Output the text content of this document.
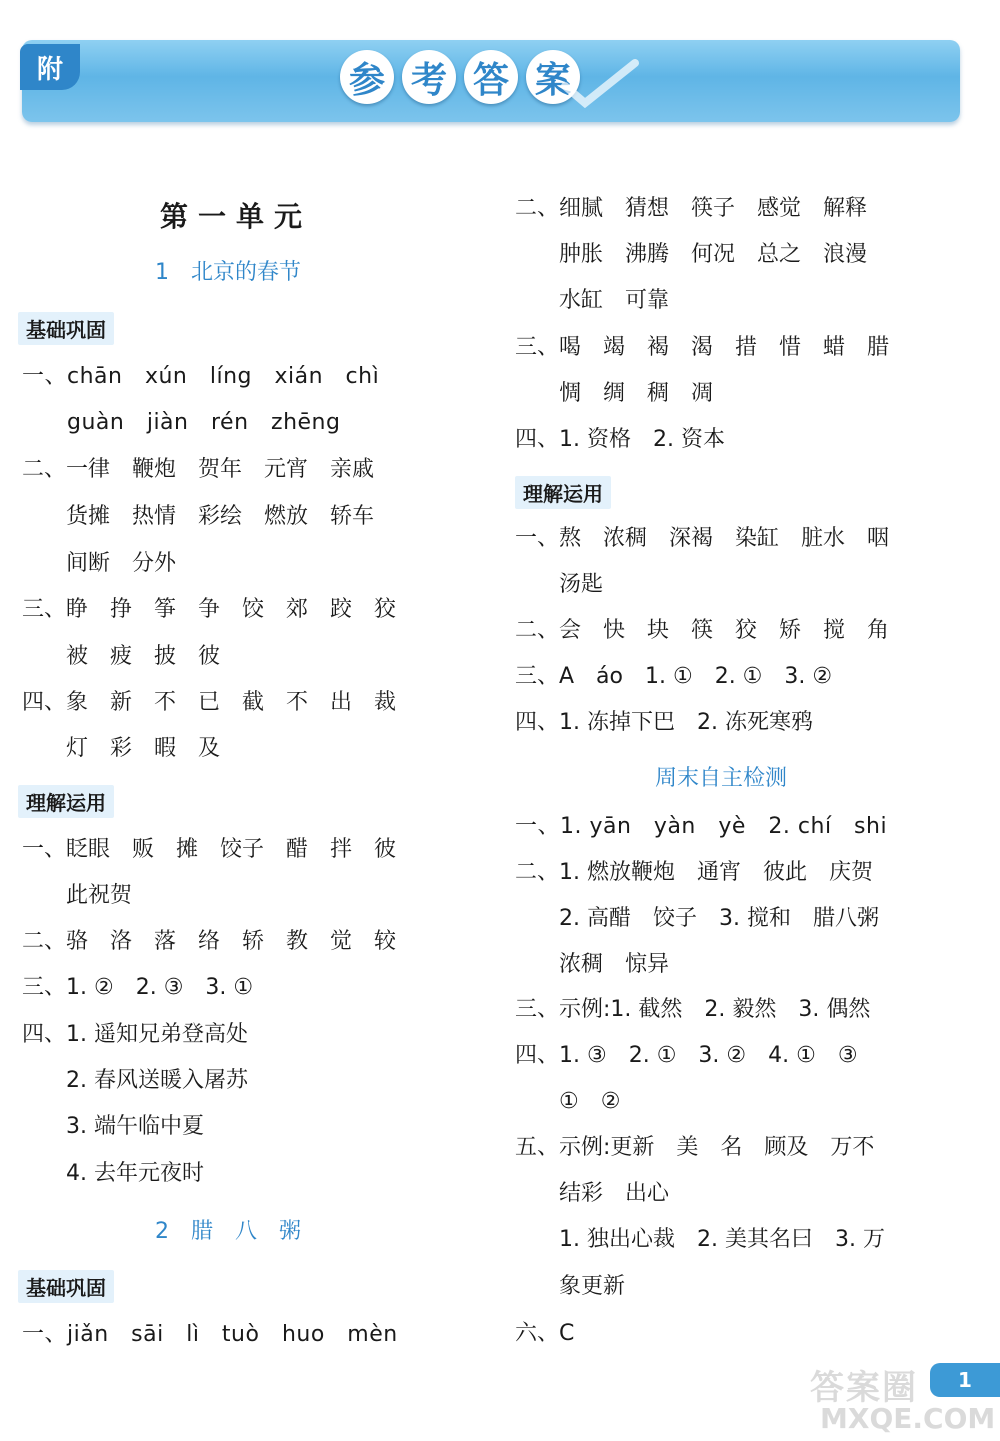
附	参 考 答 案
第一单元
1　北京的春节
基础巩固
一、chān　xún　líng　xián　chì
　　guàn　jiàn　rén　zhēng
二、一律　鞭炮　贺年　元宵　亲戚
　　货摊　热情　彩绘　燃放　轿车
　　间断　分外
三、睁　挣　筝　争　饺　郊　跤　狡
　　被　疲　披　彼
四、象　新　不　已　截　不　出　裁
　　灯　彩　暇　及
理解运用
一、眨眼　贩　摊　饺子　醋　拌　彼
　　此祝贺
二、骆　洛　落　络　轿　教　觉　较
三、1. ②　2. ③　3. ①
四、1. 遥知兄弟登高处
　　2. 春风送暖入屠苏
　　3. 端午临中夏
　　4. 去年元夜时
2　腊　八　粥
基础巩固
一、jiǎn　sāi　lì　tuò　huo　mèn
二、细腻　猜想　筷子　感觉　解释
　　肿胀　沸腾　何况　总之　浪漫
　　水缸　可靠
三、喝　竭　褐　渴　措　惜　蜡　腊
　　惆　绸　稠　凋
四、1. 资格　2. 资本
理解运用
一、熬　浓稠　深褐　染缸　脏水　咽
　　汤匙
二、会　快　块　筷　狡　矫　搅　角
三、A　áo　1. ①　2. ①　3. ②
四、1. 冻掉下巴　2. 冻死寒鸦
周末自主检测
一、1. yān　yàn　yè　2. chí　shi
二、1. 燃放鞭炮　通宵　彼此　庆贺
　　2. 高醋　饺子　3. 搅和　腊八粥
　　浓稠　惊异
三、示例:1. 截然　2. 毅然　3. 偶然
四、1. ③　2. ①　3. ②　4. ①　③
　　①　②
五、示例:更新　美　名　顾及　万不
　　结彩　出心
　　1. 独出心裁　2. 美其名曰　3. 万
　　象更新
六、C
答案圈	1
MXQE.COM
